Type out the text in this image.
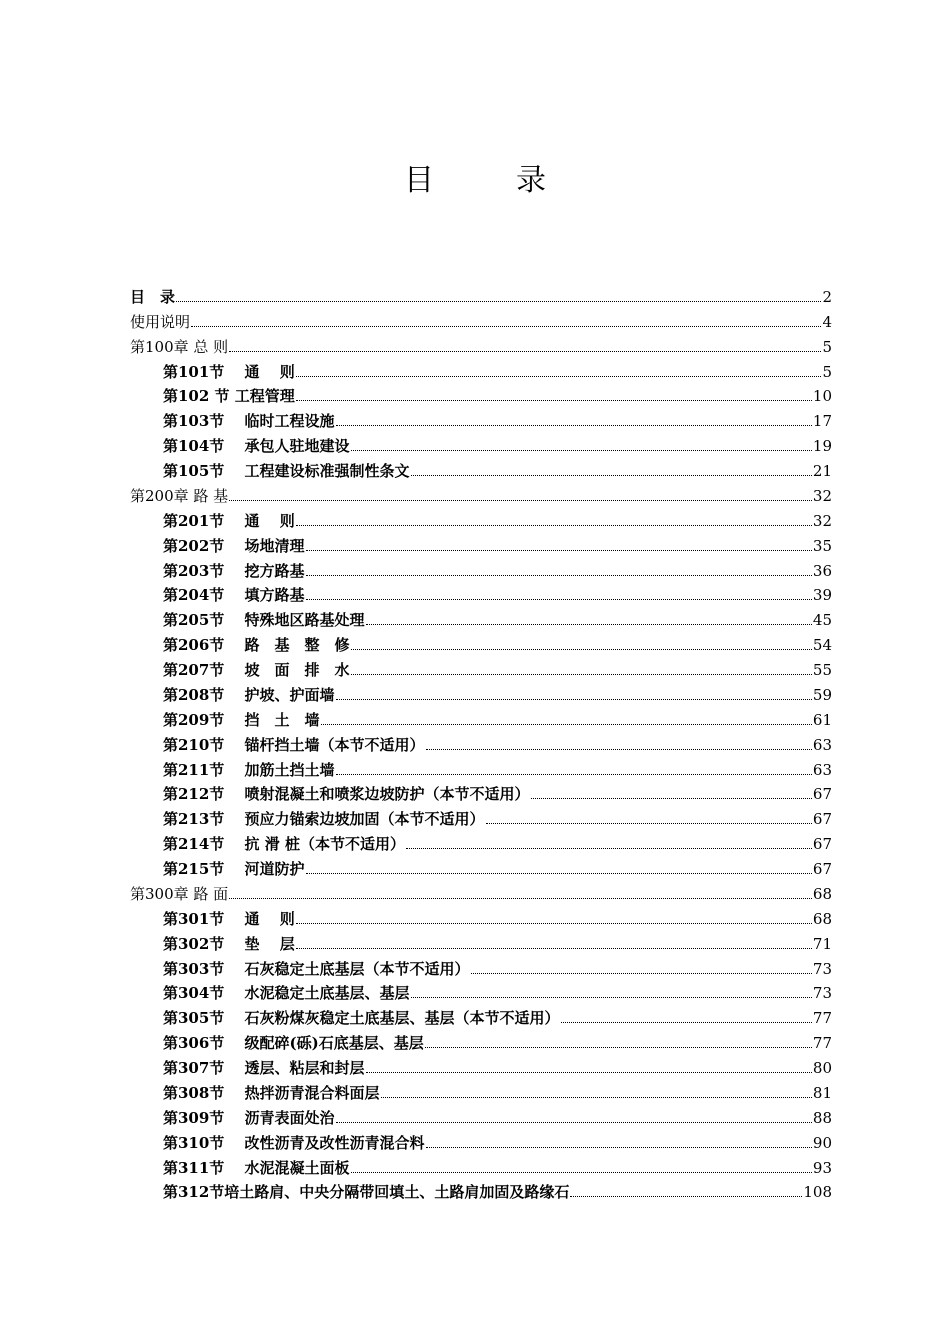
目　录
目　录	2
使用说明	4
第100章 总 则	5
第101节　 通　 则	5
第102 节 工程管理	10
第103节　 临时工程设施	17
第104节　 承包人驻地建设	19
第105节　 工程建设标准强制性条文	21
第200章 路 基	32
第201节　 通　 则	32
第202节　 场地清理	35
第203节　 挖方路基	36
第204节　 填方路基	39
第205节　 特殊地区路基处理	45
第206节　 路　基　整　修	54
第207节　 坡　面　排　水	55
第208节　 护坡、护面墙	59
第209节　 挡　土　墙	61
第210节　 锚杆挡土墙（本节不适用）	63
第211节　 加筋土挡土墙	63
第212节　 喷射混凝土和喷浆边坡防护（本节不适用）	67
第213节　 预应力锚索边坡加固（本节不适用）	67
第214节　 抗 滑 桩（本节不适用）	67
第215节　 河道防护	67
第300章 路 面	68
第301节　 通　 则	68
第302节　 垫　 层	71
第303节　 石灰稳定土底基层（本节不适用）	73
第304节　 水泥稳定土底基层、基层	73
第305节　 石灰粉煤灰稳定土底基层、基层（本节不适用）	77
第306节　 级配碎(砾)石底基层、基层	77
第307节　 透层、粘层和封层	80
第308节　 热拌沥青混合料面层	81
第309节　 沥青表面处治	88
第310节　 改性沥青及改性沥青混合料	90
第311节　 水泥混凝土面板	93
第312节培土路肩、中央分隔带回填土、土路肩加固及路缘石	108
